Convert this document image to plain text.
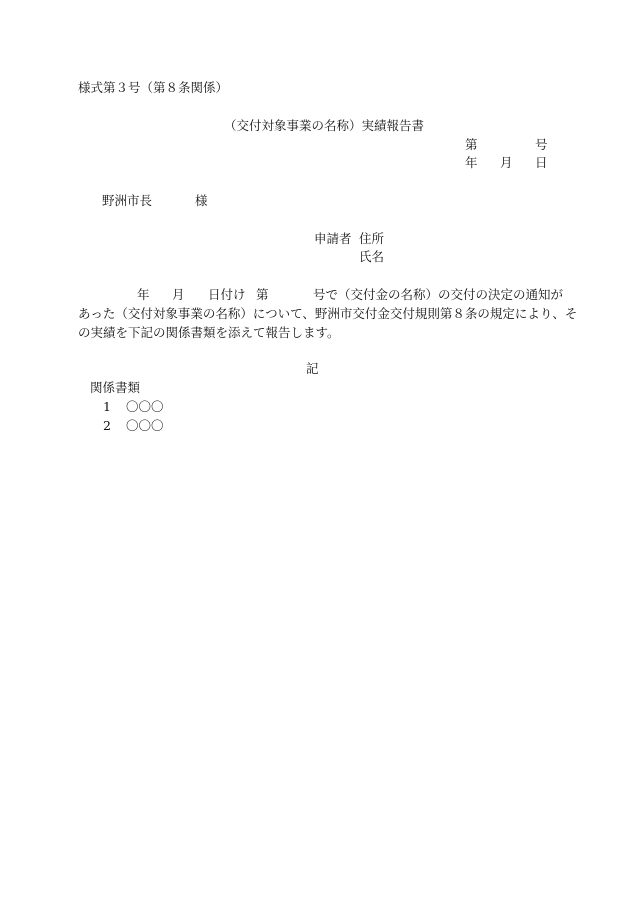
様式第３号（第８条関係）
（交付対象事業の名称）実績報告書
第	号
年 月 日
野洲市長	様
申請者 住所
氏名
年 月 日付け 第	号で（交付金の名称）の交付の決定の通知が
あった（交付対象事業の名称）について、野洲市交付金交付規則第８条の規定により、そ
の実績を下記の関係書類を添えて報告します。
記
関係書類
1 〇〇〇
2 〇〇〇
